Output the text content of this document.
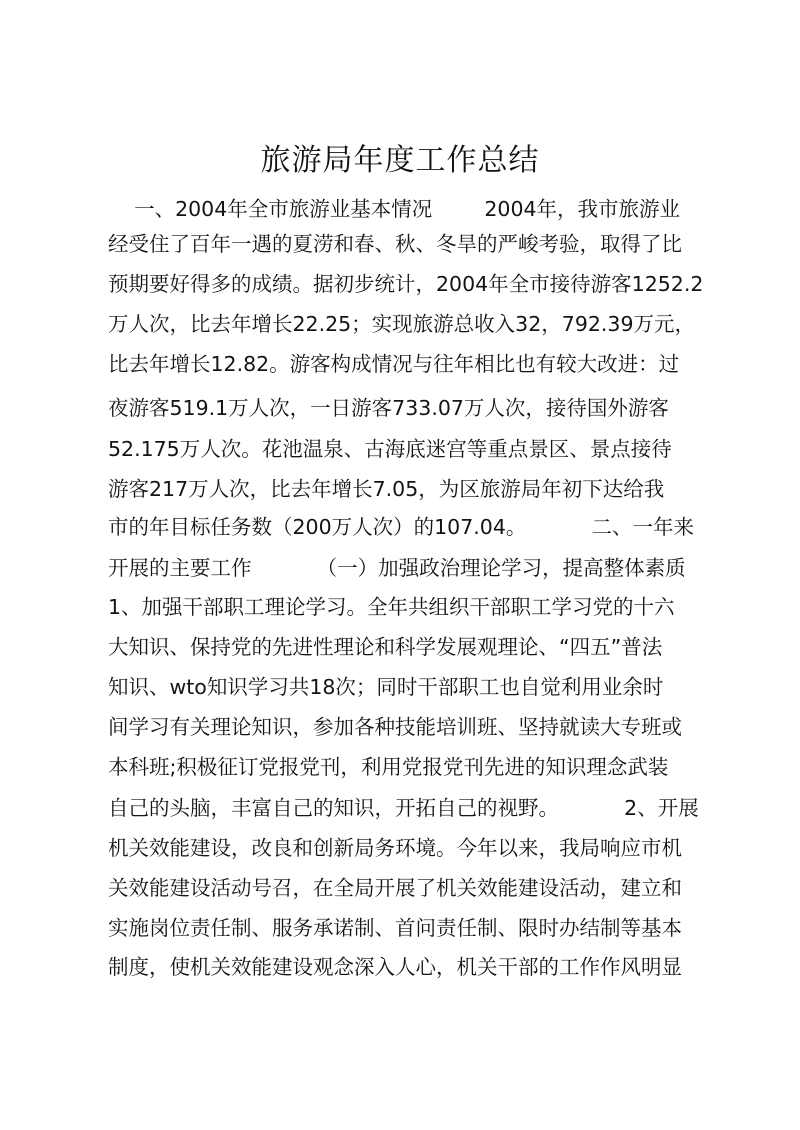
旅游局年度工作总结
一、2004年全市旅游业基本情况        2004年，我市旅游业
经受住了百年一遇的夏涝和春、秋、冬旱的严峻考验，取得了比
预期要好得多的成绩。据初步统计，2004年全市接待游客1252.2
万人次，比去年增长22.25；实现旅游总收入32，792.39万元，
比去年增长12.82。游客构成情况与往年相比也有较大改进：过
夜游客519.1万人次，一日游客733.07万人次，接待国外游客
52.175万人次。花池温泉、古海底迷宫等重点景区、景点接待
游客217万人次，比去年增长7.05，为区旅游局年初下达给我
市的年目标任务数（200万人次）的107.04。          二、一年来
开展的主要工作          （一）加强政治理论学习，提高整体素质
1、加强干部职工理论学习。全年共组织干部职工学习党的十六
大知识、保持党的先进性理论和科学发展观理论、“四五”普法
知识、wto知识学习共18次；同时干部职工也自觉利用业余时
间学习有关理论知识，参加各种技能培训班、坚持就读大专班或
本科班;积极征订党报党刊，利用党报党刊先进的知识理念武装
自己的头脑，丰富自己的知识，开拓自己的视野。          2、开展
机关效能建设，改良和创新局务环境。今年以来，我局响应市机
关效能建设活动号召，在全局开展了机关效能建设活动，建立和
实施岗位责任制、服务承诺制、首问责任制、限时办结制等基本
制度，使机关效能建设观念深入人心，机关干部的工作作风明显
